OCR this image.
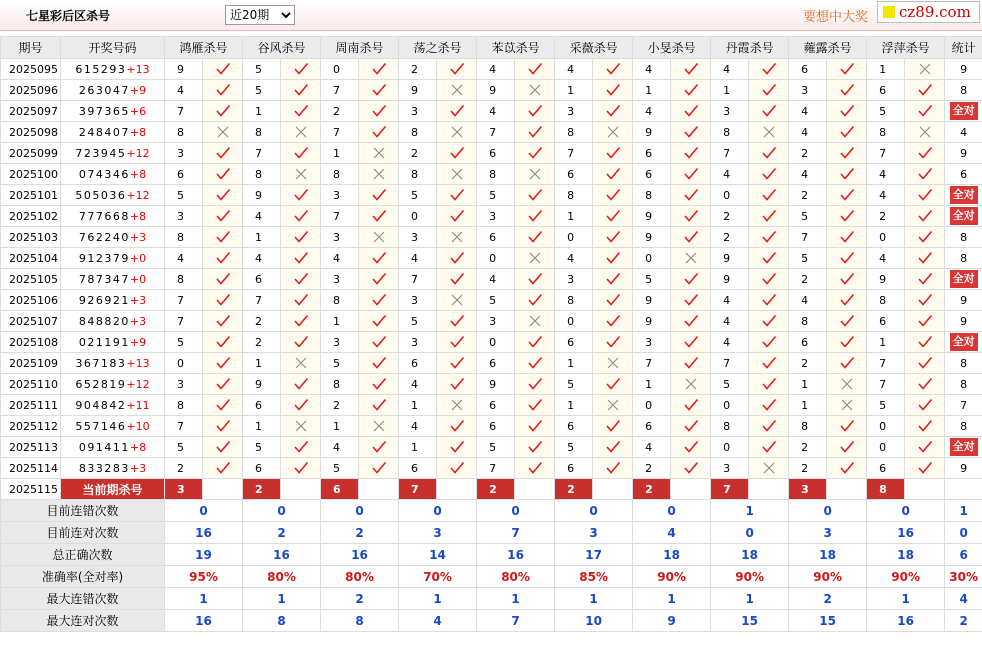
七星彩后区杀号
近20期	要想中大奖 cz89.com
期号	开奖号码	鸿雁杀号		谷风杀号		周南杀号		荡之杀号		苯苡杀号		采薇杀号		小旻杀号		丹霞杀号		蕹露杀号		浮萍杀号		统计
2025095	615293+13	9		5		0		2		4		4		4		4		6		1		9
2025096	263047+9	4		5		7		9		9		1		1		1		3		6		8
2025097	397365+6	7		1		2		3		4		3		4		3		4		5		全对
2025098	248407+8	8		8		7		8		7		8		9		8		4		8		4
2025099	723945+12	3		7		1		2		6		7		6		7		2		7		9
2025100	074346+8	6		8		8		8		8		6		6		4		4		4		6
2025101	505036+12	5		9		3		5		5		8		8		0		2		4		全对
2025102	777668+8	3		4		7		0		3		1		9		2		5		2		全对
2025103	762240+3	8		1		3		3		6		0		9		2		7		0		8
2025104	912379+0	4		4		4		4		0		4		0		9		5		4		8
2025105	787347+0	8		6		3		7		4		3		5		9		2		9		全对
2025106	926921+3	7		7		8		3		5		8		9		4		4		8		9
2025107	848820+3	7		2		1		5		3		0		9		4		8		6		9
2025108	021191+9	5		2		3		3		0		6		3		4		6		1		全对
2025109	367183+13	0		1		5		6		6		1		7		7		2		7		8
2025110	652819+12	3		9		8		4		9		5		1		5		1		7		8
2025111	904842+11	8		6		2		1		6		1		0		0		1		5		7
2025112	557146+10	7		1		1		4		6		6		6		8		8		0		8
2025113	091411+8	5		5		4		1		5		5		4		0		2		0		全对
2025114	833283+3	2		6		5		6		7		6		2		3		2		6		9
2025115	当前期杀号	3		2		6		7		2		2		2		7		3		8		
目前连错次数		0		0		0		0		0		0		0		1		0		0		1
目前连对次数		16		2		2		3		7		3		4		0		3		16		0
总正确次数		19		16		16		14		16		17		18		18		18		18		6
准确率(全对率)		95%		80%		80%		70%		80%		85%		90%		90%		90%		90%		30%
最大连错次数		1		1		2		1		1		1		1		1		2		1		4
最大连对次数		16		8		8		4		7		10		9		15		15		16		2
